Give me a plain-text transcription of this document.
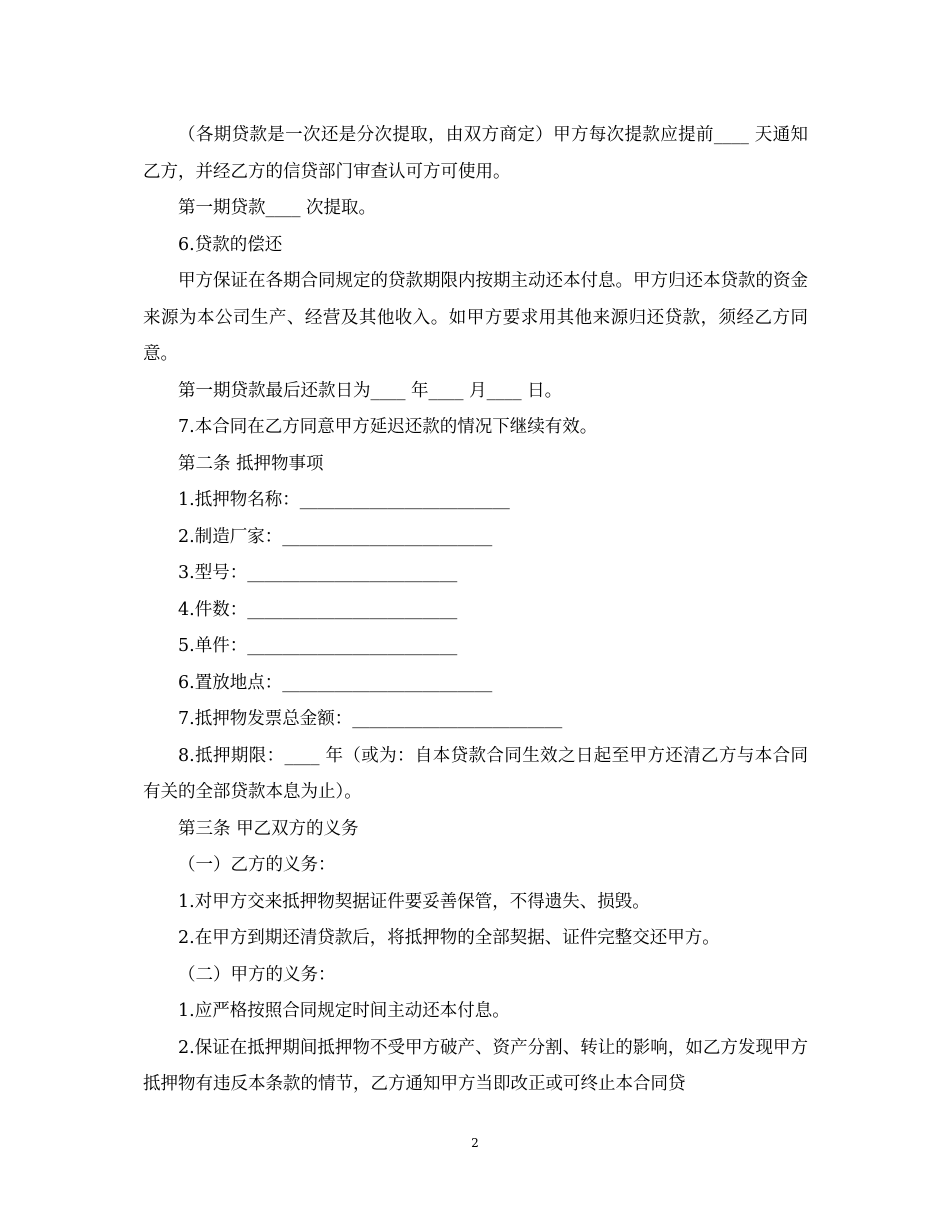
（各期贷款是一次还是分次提取，由双方商定）甲方每次提款应提前____ 天通知乙方，并经乙方的信贷部门审查认可方可使用。

第一期贷款____ 次提取。

6.贷款的偿还

甲方保证在各期合同规定的贷款期限内按期主动还本付息。甲方归还本贷款的资金来源为本公司生产、经营及其他收入。如甲方要求用其他来源归还贷款，须经乙方同意。

第一期贷款最后还款日为____ 年____ 月____ 日。

7.本合同在乙方同意甲方延迟还款的情况下继续有效。

第二条 抵押物事项

1.抵押物名称：________________________

2.制造厂家：________________________

3.型号：________________________

4.件数：________________________

5.单件：________________________

6.置放地点：________________________

7.抵押物发票总金额：________________________

8.抵押期限：____ 年（或为：自本贷款合同生效之日起至甲方还清乙方与本合同有关的全部贷款本息为止）。

第三条 甲乙双方的义务

（一）乙方的义务：

1.对甲方交来抵押物契据证件要妥善保管，不得遗失、损毁。

2.在甲方到期还清贷款后，将抵押物的全部契据、证件完整交还甲方。

（二）甲方的义务：

1.应严格按照合同规定时间主动还本付息。

2.保证在抵押期间抵押物不受甲方破产、资产分割、转让的影响，如乙方发现甲方抵押物有违反本条款的情节，乙方通知甲方当即改正或可终止本合同贷

2
